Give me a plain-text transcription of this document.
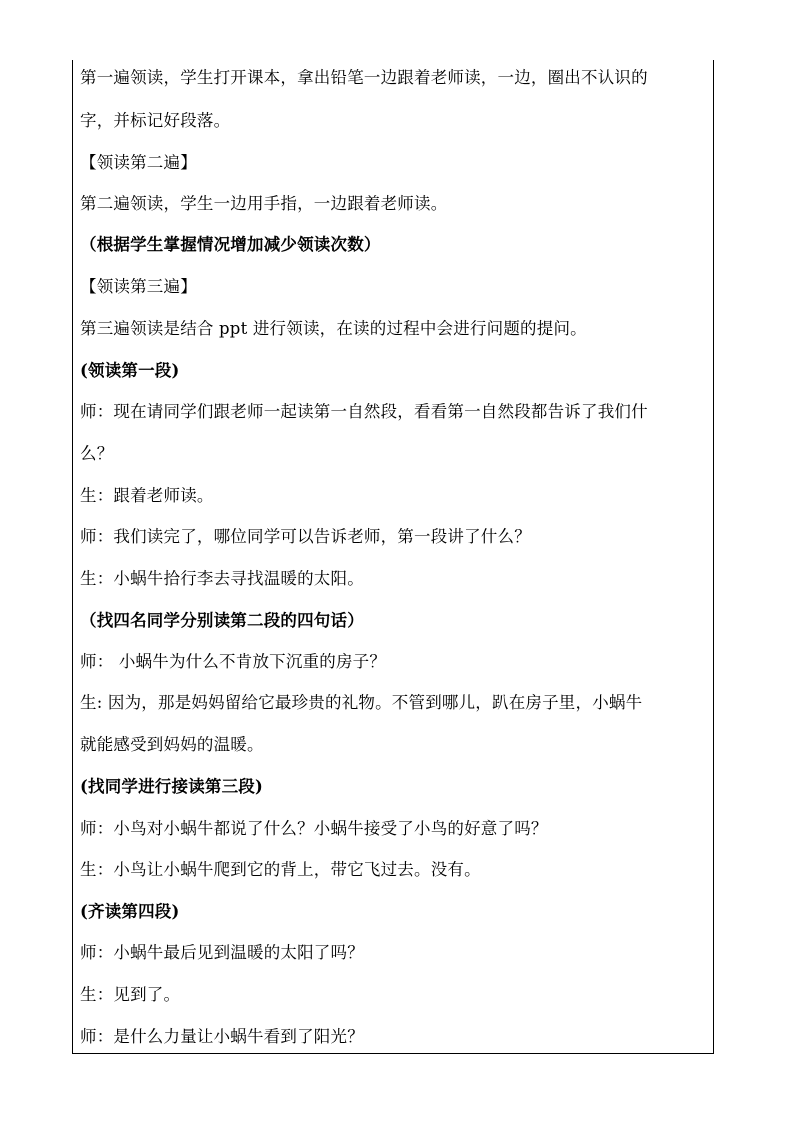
第一遍领读，学生打开课本，拿出铅笔一边跟着老师读，一边，圈出不认识的
字，并标记好段落。
【领读第二遍】
第二遍领读，学生一边用手指，一边跟着老师读。
（根据学生掌握情况增加减少领读次数）
【领读第三遍】
第三遍领读是结合 ppt 进行领读，在读的过程中会进行问题的提问。
(领读第一段)
师：现在请同学们跟老师一起读第一自然段，看看第一自然段都告诉了我们什
么？
生：跟着老师读。
师：我们读完了，哪位同学可以告诉老师，第一段讲了什么？
生：小蜗牛拾行李去寻找温暖的太阳。
（找四名同学分别读第二段的四句话）
师： 小蜗牛为什么不肯放下沉重的房子？
生: 因为，那是妈妈留给它最珍贵的礼物。不管到哪儿，趴在房子里，小蜗牛
就能感受到妈妈的温暖。
(找同学进行接读第三段)
师：小鸟对小蜗牛都说了什么？小蜗牛接受了小鸟的好意了吗？
生：小鸟让小蜗牛爬到它的背上，带它飞过去。没有。
(齐读第四段)
师：小蜗牛最后见到温暖的太阳了吗？
生：见到了。
师：是什么力量让小蜗牛看到了阳光？
